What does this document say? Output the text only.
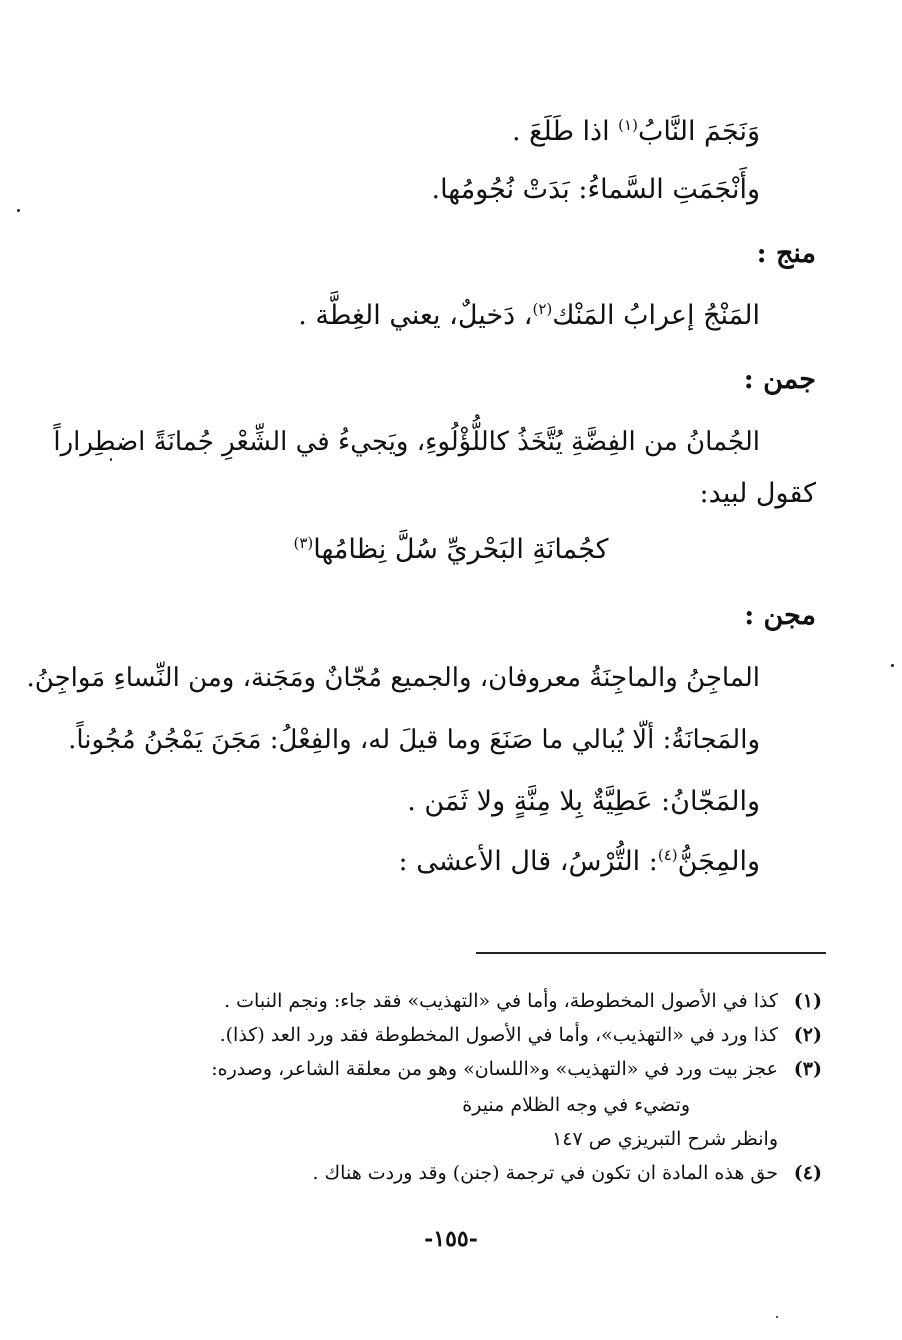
وَنَجَمَ النَّابُ$^{(١)}$ اذا طَلَعَ .
وأَنْجَمَتِ السَّماءُ: بَدَتْ نُجُومُها.
منج :
المَنْجُ إعرابُ المَنْك$^{(٢)}$، دَخيلٌ، يعني الغِطَّة .
جمن :
الجُمانُ من الفِضَّةِ يُتَّخَذُ كاللُّؤْلُوءِ، ويَجيءُ في الشِّعْرِ جُمانَةً اضطِراراً
كقول لبيد:
كجُمانَةِ البَحْريِّ سُلَّ نِظامُها$^{(٣)}$
مجن :
الماجِنُ والماجِنَةُ معروفان، والجميع مُجّانٌ ومَجَنة، ومن النِّساءِ مَواجِنُ.
والمَجانَةُ: ألّا يُبالي ما صَنَعَ وما قيلَ له، والفِعْلُ: مَجَنَ يَمْجُنُ مُجُوناً.
والمَجّانُ: عَطِيَّةٌ بِلا مِنَّةٍ ولا ثَمَن .
والمِجَنُّ$^{(٤)}$: التُّرْسُ، قال الأعشى :
(١)كذا في الأصول المخطوطة، وأما في «التهذيب» فقد جاء: ونجم النبات .
(٢)كذا ورد في «التهذيب»، وأما في الأصول المخطوطة فقد ورد العد (كذا).
(٣)عجز بيت ورد في «التهذيب» و«اللسان» وهو من معلقة الشاعر، وصدره:
وتضيء في وجه الظلام منيرة
وانظر شرح التبريزي ص ١٤٧
(٤)حق هذه المادة ان تكون في ترجمة (جنن) وقد وردت هناك .
-١٥٥-
